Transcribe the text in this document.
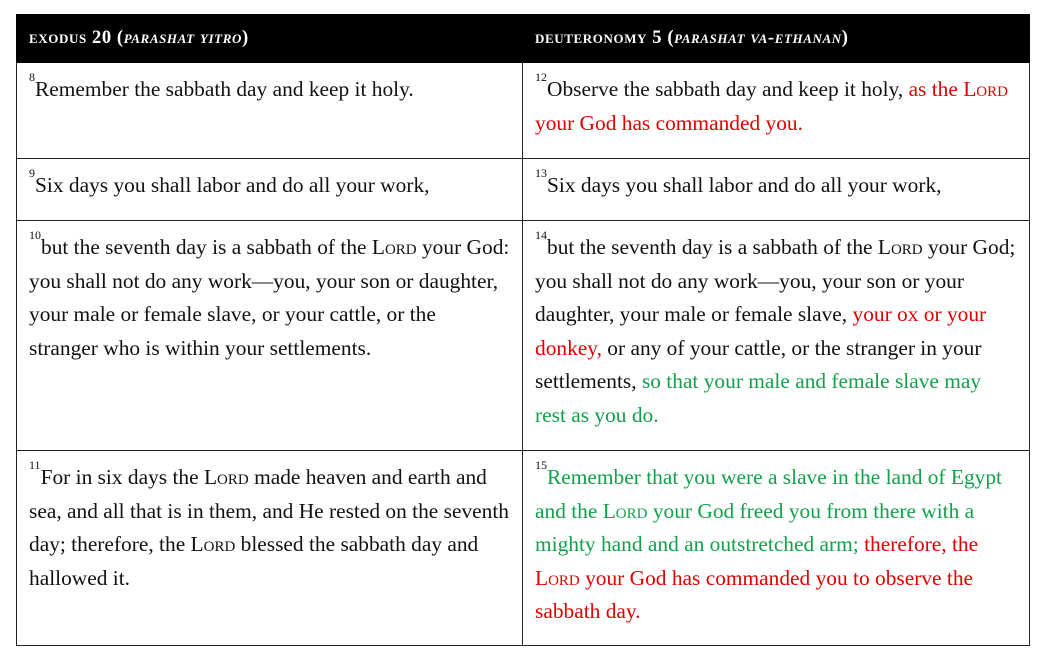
exodus 20 (parashat yitro)	deuteronomy 5 (parashat va-ethanan)
$^8$Remember the sabbath day and keep it holy.	$^{12}$Observe the sabbath day and keep it holy, as the Lord your God has commanded you.
$^9$Six days you shall labor and do all your work,	$^{13}$Six days you shall labor and do all your work,
$^{10}$but the seventh day is a sabbath of the Lord your God: you shall not do any work—you, your son or daughter, your male or female slave, or your cattle, or the stranger who is within your settlements.	$^{14}$but the seventh day is a sabbath of the Lord your God; you shall not do any work—you, your son or your daughter, your male or female slave, your ox or your donkey, or any of your cattle, or the stranger in your settlements, so that your male and female slave may rest as you do.
$^{11}$For in six days the Lord made heaven and earth and sea, and all that is in them, and He rested on the seventh day; therefore, the Lord blessed the sabbath day and hallowed it.	$^{15}$Remember that you were a slave in the land of Egypt and the Lord your God freed you from there with a mighty hand and an outstretched arm; therefore, the Lord your God has commanded you to observe the sabbath day.
